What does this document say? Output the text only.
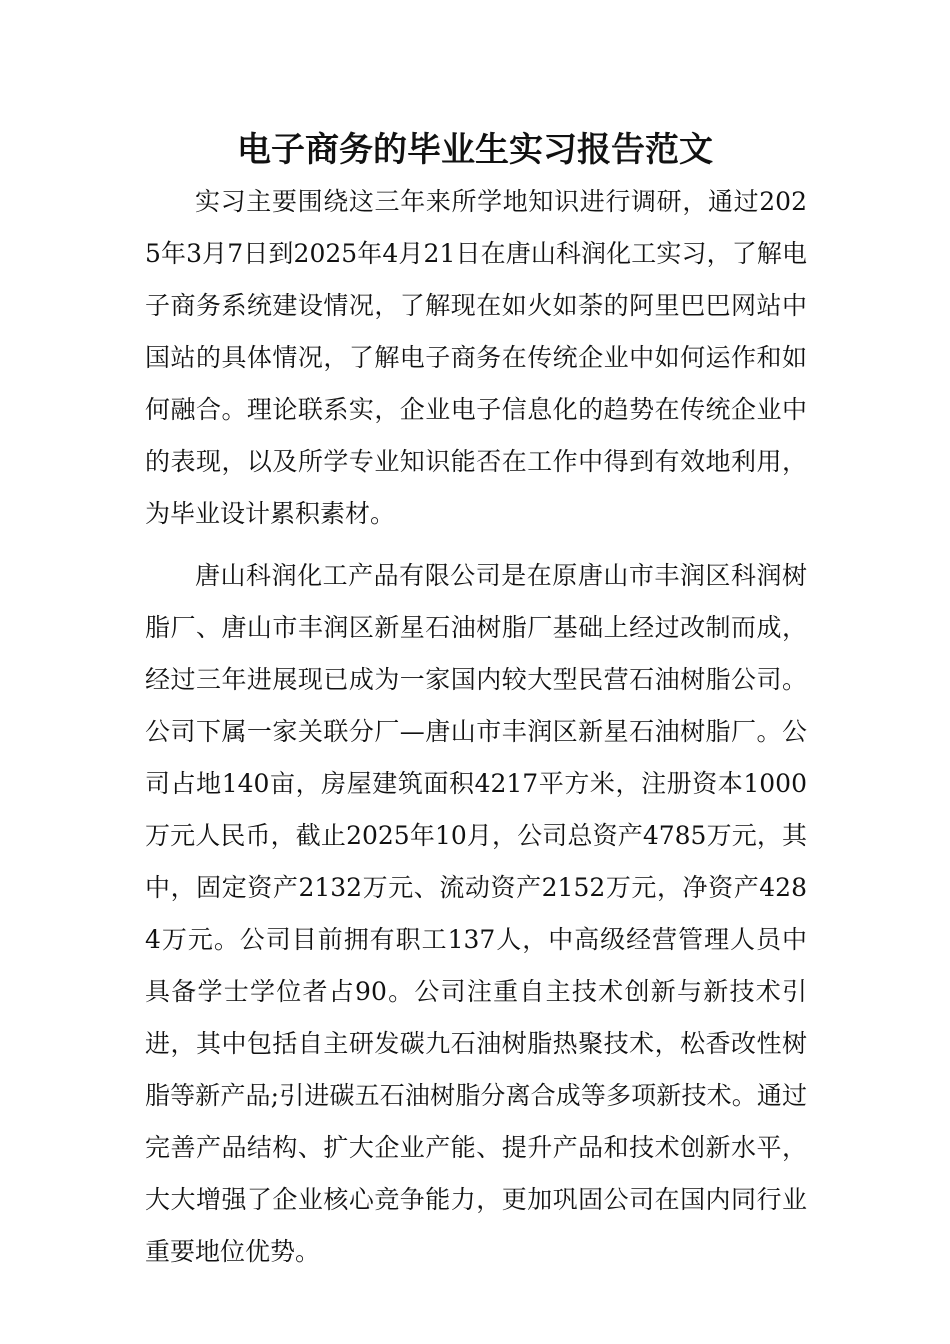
电子商务的毕业生实习报告范文

实习主要围绕这三年来所学地知识进行调研，通过2025年3月7日到2025年4月21日在唐山科润化工实习，了解电子商务系统建设情况，了解现在如火如荼的阿里巴巴网站中国站的具体情况，了解电子商务在传统企业中如何运作和如何融合。理论联系实，企业电子信息化的趋势在传统企业中的表现，以及所学专业知识能否在工作中得到有效地利用，为毕业设计累积素材。

唐山科润化工产品有限公司是在原唐山市丰润区科润树脂厂、唐山市丰润区新星石油树脂厂基础上经过改制而成，经过三年进展现已成为一家国内较大型民营石油树脂公司。公司下属一家关联分厂—唐山市丰润区新星石油树脂厂。公司占地140亩，房屋建筑面积4217平方米，注册资本1000万元人民币，截止2025年10月，公司总资产4785万元，其中，固定资产2132万元、流动资产2152万元，净资产4284万元。公司目前拥有职工137人，中高级经营管理人员中具备学士学位者占90。公司注重自主技术创新与新技术引进，其中包括自主研发碳九石油树脂热聚技术，松香改性树脂等新产品;引进碳五石油树脂分离合成等多项新技术。通过完善产品结构、扩大企业产能、提升产品和技术创新水平，大大增强了企业核心竞争能力，更加巩固公司在国内同行业重要地位优势。
